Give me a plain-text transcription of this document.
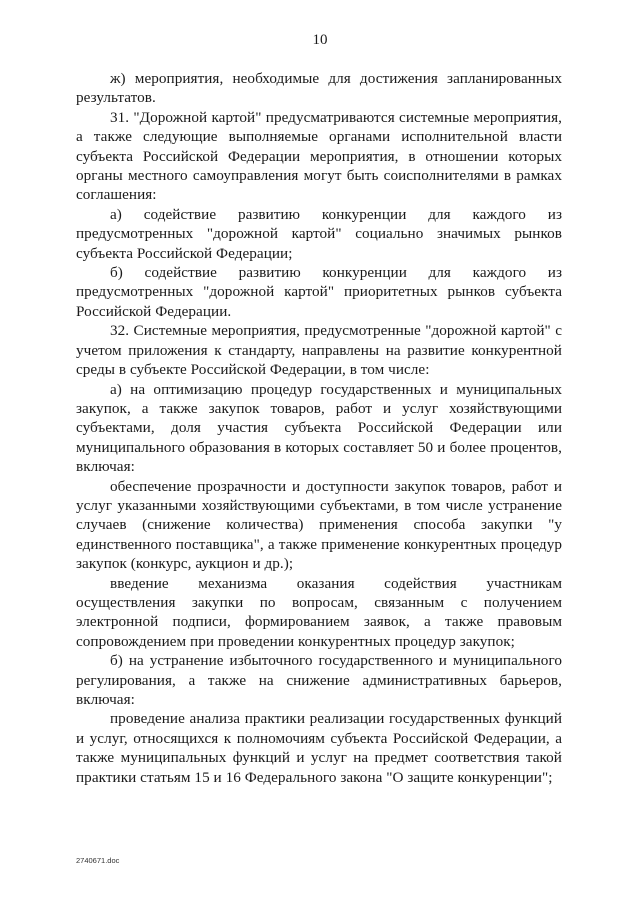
10

ж) мероприятия, необходимые для достижения запланированных результатов.

31. "Дорожной картой" предусматриваются системные мероприятия, а также следующие выполняемые органами исполнительной власти субъекта Российской Федерации мероприятия, в отношении которых органы местного самоуправления могут быть соисполнителями в рамках соглашения:

а) содействие развитию конкуренции для каждого из предусмотренных "дорожной картой" социально значимых рынков субъекта Российской Федерации;

б) содействие развитию конкуренции для каждого из предусмотренных "дорожной картой" приоритетных рынков субъекта Российской Федерации.

32. Системные мероприятия, предусмотренные "дорожной картой" с учетом приложения к стандарту, направлены на развитие конкурентной среды в субъекте Российской Федерации, в том числе:

а) на оптимизацию процедур государственных и муниципальных закупок, а также закупок товаров, работ и услуг хозяйствующими субъектами, доля участия субъекта Российской Федерации или муниципального образования в которых составляет 50 и более процентов, включая:

обеспечение прозрачности и доступности закупок товаров, работ и услуг указанными хозяйствующими субъектами, в том числе устранение случаев (снижение количества) применения способа закупки "у единственного поставщика", а также применение конкурентных процедур закупок (конкурс, аукцион и др.);

введение механизма оказания содействия участникам осуществления закупки по вопросам, связанным с получением электронной подписи, формированием заявок, а также правовым сопровождением при проведении конкурентных процедур закупок;

б) на устранение избыточного государственного и муниципального регулирования, а также на снижение административных барьеров, включая:

проведение анализа практики реализации государственных функций и услуг, относящихся к полномочиям субъекта Российской Федерации, а также муниципальных функций и услуг на предмет соответствия такой практики статьям 15 и 16 Федерального закона "О защите конкуренции";

2740671.doc
